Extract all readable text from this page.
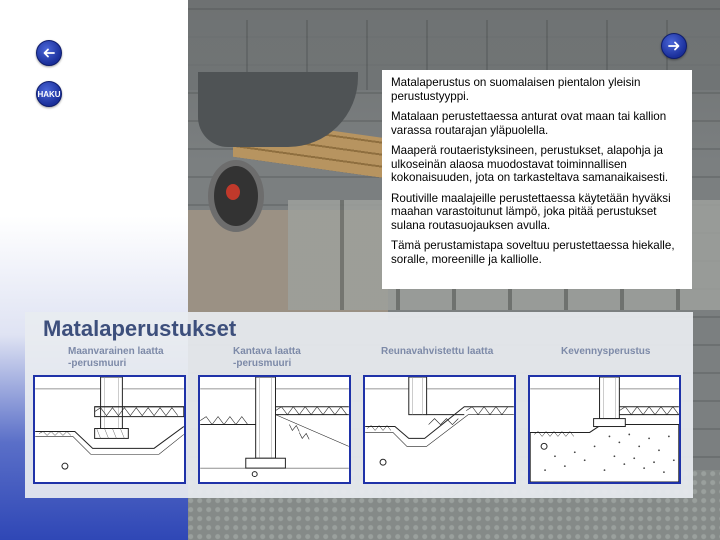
HAKU

Matalaperustus on suomalaisen pientalon yleisin perustustyyppi.

Matalaan perustettaessa anturat ovat maan tai kallion varassa routarajan yläpuolella.

Maaperä routaeristyksineen, perustukset, alapohja ja ulkoseinän alaosa muodostavat toiminnallisen kokonaisuuden, jota on tarkasteltava samanaikaisesti.

Routiville maalajeille perustettaessa käytetään hyväksi maahan varastoitunut lämpö, joka pitää perustukset sulana routasuojauksen avulla.

Tämä perustamistapa soveltuu perustettaessa hiekalle, soralle, moreenille ja kalliolle.

Matalaperustukset
Maanvarainen laatta
-perusmuuri
Kantava laatta
-perusmuuri
Reunavahvistettu laatta	Kevennysperustus
